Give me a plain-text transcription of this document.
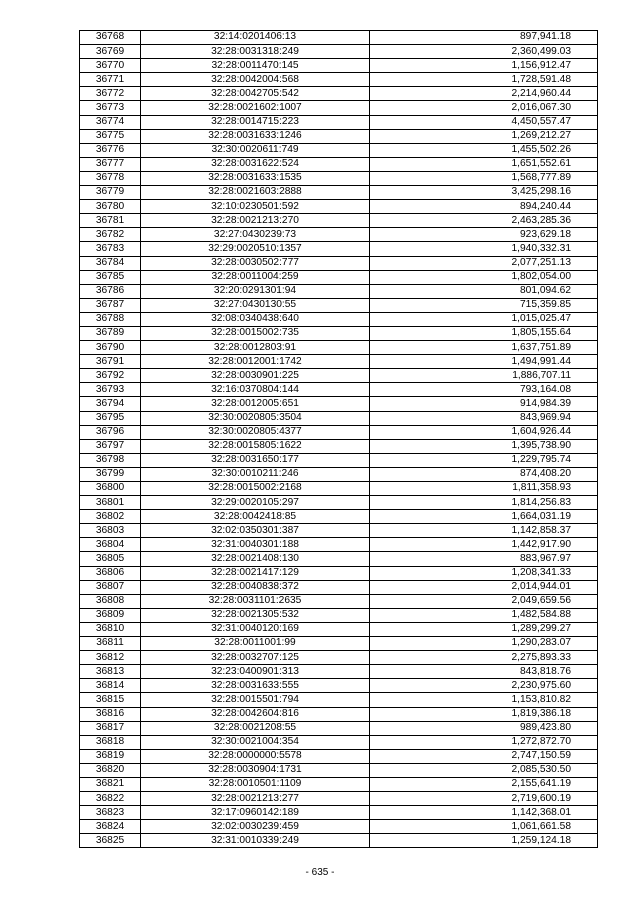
36768	32:14:0201406:13	897,941.18
36769	32:28:0031318:249	2,360,499.03
36770	32:28:0011470:145	1,156,912.47
36771	32:28:0042004:568	1,728,591.48
36772	32:28:0042705:542	2,214,960.44
36773	32:28:0021602:1007	2,016,067.30
36774	32:28:0014715:223	4,450,557.47
36775	32:28:0031633:1246	1,269,212.27
36776	32:30:0020611:749	1,455,502.26
36777	32:28:0031622:524	1,651,552.61
36778	32:28:0031633:1535	1,568,777.89
36779	32:28:0021603:2888	3,425,298.16
36780	32:10:0230501:592	894,240.44
36781	32:28:0021213:270	2,463,285.36
36782	32:27:0430239:73	923,629.18
36783	32:29:0020510:1357	1,940,332.31
36784	32:28:0030502:777	2,077,251.13
36785	32:28:0011004:259	1,802,054.00
36786	32:20:0291301:94	801,094.62
36787	32:27:0430130:55	715,359.85
36788	32:08:0340438:640	1,015,025.47
36789	32:28:0015002:735	1,805,155.64
36790	32:28:0012803:91	1,637,751.89
36791	32:28:0012001:1742	1,494,991.44
36792	32:28:0030901:225	1,886,707.11
36793	32:16:0370804:144	793,164.08
36794	32:28:0012005:651	914,984.39
36795	32:30:0020805:3504	843,969.94
36796	32:30:0020805:4377	1,604,926.44
36797	32:28:0015805:1622	1,395,738.90
36798	32:28:0031650:177	1,229,795.74
36799	32:30:0010211:246	874,408.20
36800	32:28:0015002:2168	1,811,358.93
36801	32:29:0020105:297	1,814,256.83
36802	32:28:0042418:85	1,664,031.19
36803	32:02:0350301:387	1,142,858.37
36804	32:31:0040301:188	1,442,917.90
36805	32:28:0021408:130	883,967.97
36806	32:28:0021417:129	1,208,341.33
36807	32:28:0040838:372	2,014,944.01
36808	32:28:0031101:2635	2,049,659.56
36809	32:28:0021305:532	1,482,584.88
36810	32:31:0040120:169	1,289,299.27
36811	32:28:0011001:99	1,290,283.07
36812	32:28:0032707:125	2,275,893.33
36813	32:23:0400901:313	843,818.76
36814	32:28:0031633:555	2,230,975.60
36815	32:28:0015501:794	1,153,810.82
36816	32:28:0042604:816	1,819,386.18
36817	32:28:0021208:55	989,423.80
36818	32:30:0021004:354	1,272,872.70
36819	32:28:0000000:5578	2,747,150.59
36820	32:28:0030904:1731	2,085,530.50
36821	32:28:0010501:1109	2,155,641.19
36822	32:28:0021213:277	2,719,600.19
36823	32:17:0960142:189	1,142,368.01
36824	32:02:0030239:459	1,061,661.58
36825	32:31:0010339:249	1,259,124.18
- 635 -
